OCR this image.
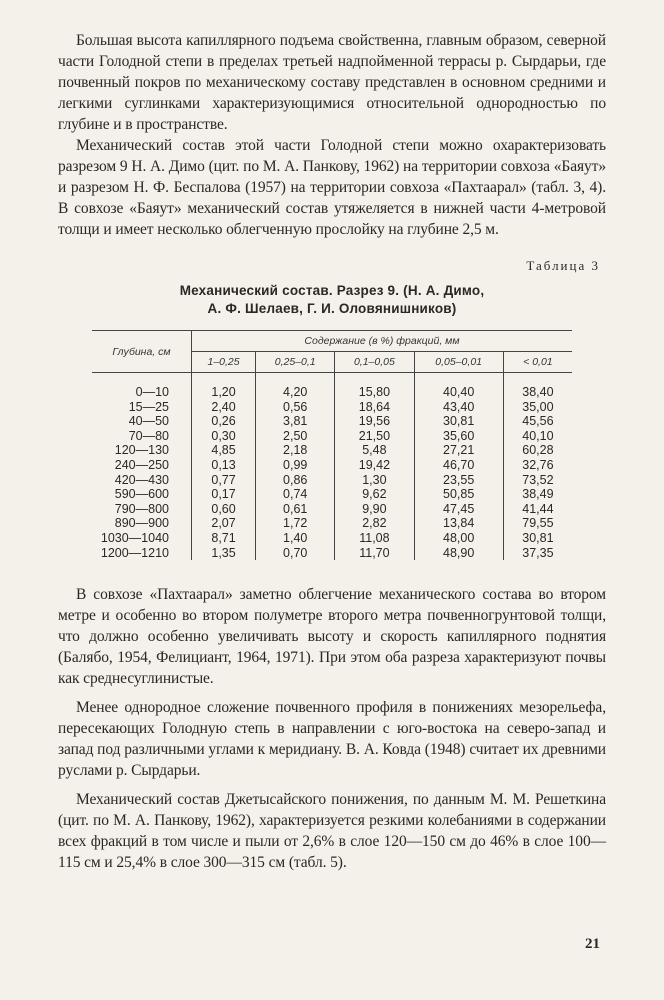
Большая высота капиллярного подъема свойственна, главным образом, северной части Голодной степи в пределах третьей надпойменной террасы р. Сырдарьи, где почвенный покров по механическому составу представлен в основном средними и легкими суглинками характеризующимися относительной однородностью по глубине и в пространстве.

Механический состав этой части Голодной степи можно охарактеризовать разрезом 9 Н. А. Димо (цит. по М. А. Панкову, 1962) на территории совхоза «Баяут» и разрезом Н. Ф. Беспалова (1957) на территории совхоза «Пахтаарал» (табл. 3, 4). В совхозе «Баяут» механический состав утяжеляется в нижней части 4-метровой толщи и имеет несколько облегченную прослойку на глубине 2,5 м.

Таблица 3
Механический состав. Разрез 9. (Н. А. Димо,
А. Ф. Шелаев, Г. И. Оловянишников)
Глубина, см	Содержание (в %) фракций, мм				
	1–0,25	0,25–0,1	0,1–0,05	0,05–0,01	< 0,01
0—10	1,20	4,20	15,80	40,40	38,40
15—25	2,40	0,56	18,64	43,40	35,00
40—50	0,26	3,81	19,56	30,81	45,56
70—80	0,30	2,50	21,50	35,60	40,10
120—130	4,85	2,18	5,48	27,21	60,28
240—250	0,13	0,99	19,42	46,70	32,76
420—430	0,77	0,86	1,30	23,55	73,52
590—600	0,17	0,74	9,62	50,85	38,49
790—800	0,60	0,61	9,90	47,45	41,44
890—900	2,07	1,72	2,82	13,84	79,55
1030—1040	8,71	1,40	11,08	48,00	30,81
1200—1210	1,35	0,70	11,70	48,90	37,35

В совхозе «Пахтаарал» заметно облегчение механического состава во втором метре и особенно во втором полуметре второго метра почвенногрунтовой толщи, что должно особенно увеличивать высоту и скорость капиллярного поднятия (Балябо, 1954, Фелициант, 1964, 1971). При этом оба разреза характеризуют почвы как среднесуглинистые.

Менее однородное сложение почвенного профиля в понижениях мезорельефа, пересекающих Голодную степь в направлении с юго-востока на северо-запад и запад под различными углами к меридиану. В. А. Ковда (1948) считает их древними руслами р. Сырдарьи.

Механический состав Джетысайского понижения, по данным М. М. Решеткина (цит. по М. А. Панкову, 1962), характеризуется резкими колебаниями в содержании всех фракций в том числе и пыли от 2,6% в слое 120—150 см до 46% в слое 100—115 см и 25,4% в слое 300—315 см (табл. 5).

21
